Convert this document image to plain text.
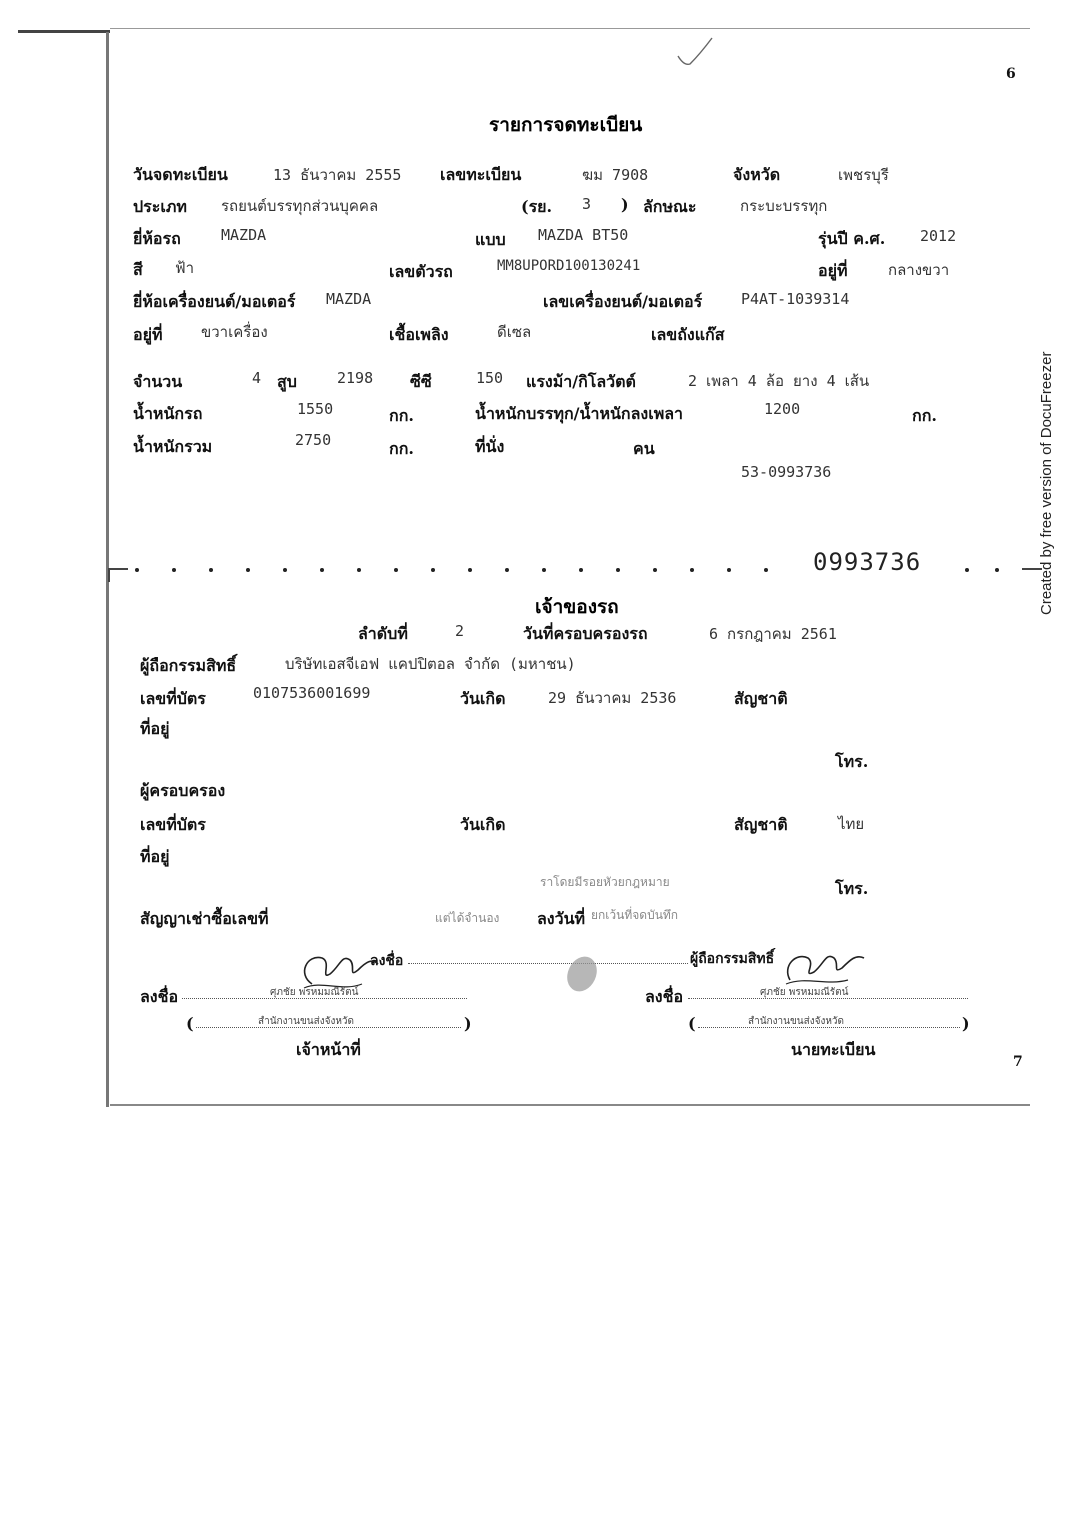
6
รายการจดทะเบียน
วันจดทะเบียน	13 ธันวาคม 2555 เลขทะเบียน	ฆม 7908	จังหวัด	เพชรบุรี
ประเภท รถยนต์บรรทุกส่วนบุคคล	(รย. 3 ) ลักษณะ	กระบะบรรทุก
ยี่ห้อรถ	MAZDA	แบบ MAZDA BT50	รุ่นปี ค.ศ. 2012
สี ฟ้า	เลขตัวรถ	MM8UPORD100130241	อยู่ที่	กลางขวา
ยี่ห้อเครื่องยนต์/มอเตอร์ MAZDA	เลขเครื่องยนต์/มอเตอร์	P4AT-1039314
อยู่ที่	ขวาเครื่อง	เชื้อเพลิง	ดีเซล	เลขถังแก๊ส
จำนวน	4 สูบ	2198 ซีซี	150 แรงม้า/กิโลวัตต์	2 เพลา 4 ล้อ ยาง 4 เส้น
น้ำหนักรถ	1550	กก.	น้ำหนักบรรทุก/น้ำหนักลงเพลา	1200	กก.
น้ำหนักรวม	2750	กก.	ที่นั่ง	คน
53-0993736
0993736
เจ้าของรถ
ลำดับที่	2	วันที่ครอบครองรถ	6 กรกฎาคม 2561
ผู้ถือกรรมสิทธิ์	บริษัทเอสจีเอฟ แคปปิตอล จำกัด (มหาชน)
เลขที่บัตร	0107536001699	วันเกิด	29 ธันวาคม 2536	สัญชาติ
ที่อยู่
โทร.
ผู้ครอบครอง
เลขที่บัตร	วันเกิด	สัญชาติ	ไทย
ที่อยู่
ราโดยมีรอยหัวยกฎหมาย	โทร.
สัญญาเช่าซื้อเลขที่	แต่ได้จำนอง ลงวันที่ ยกเว้นที่จดบันทึก
ลงชื่อ	ผู้ถือกรรมสิทธิ์
ลงชื่อ	ศุภชัย พรหมมณีรัตน์	ลงชื่อ	ศุภชัย พรหมมณีรัตน์
(	สำนักงานขนส่งจังหวัด	)	(	สำนักงานขนส่งจังหวัด	)
เจ้าหน้าที่	นายทะเบียน
7
Created by free version of DocuFreezer
